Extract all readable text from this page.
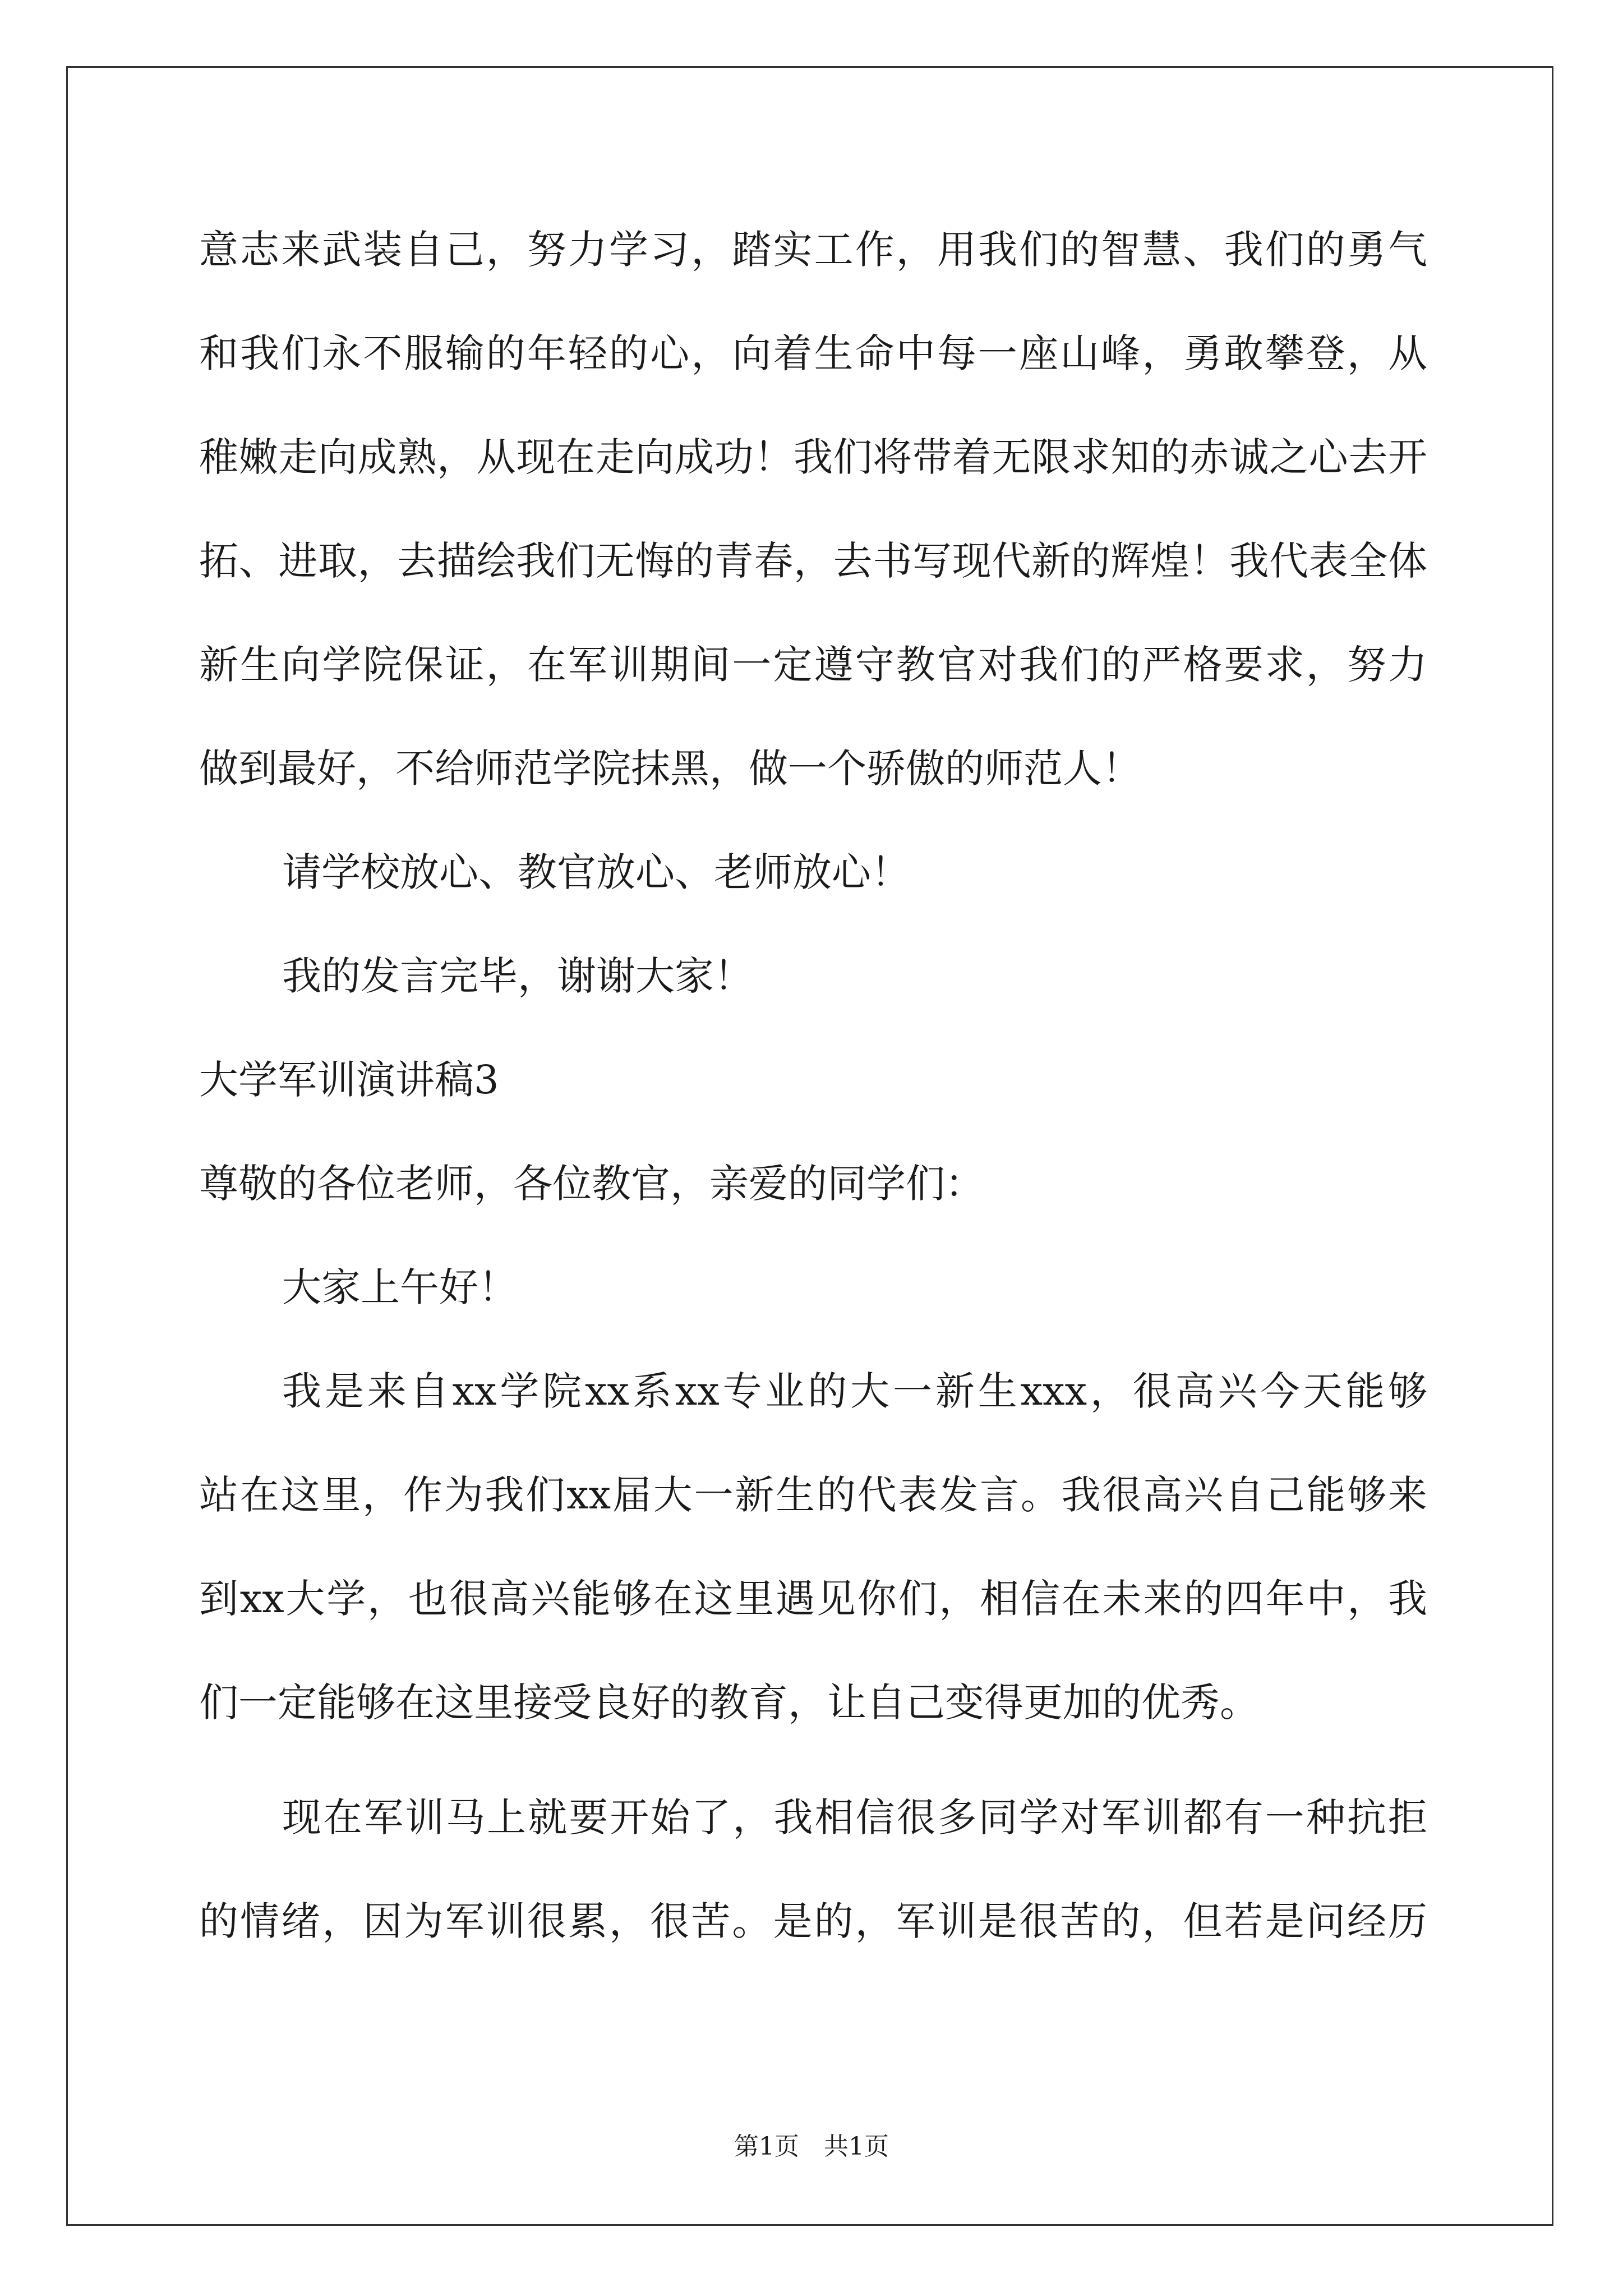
意志来武装自己，努力学习，踏实工作，用我们的智慧、我们的勇气
和我们永不服输的年轻的心，向着生命中每一座山峰，勇敢攀登，从
稚嫩走向成熟，从现在走向成功！我们将带着无限求知的赤诚之心去开
拓、进取，去描绘我们无悔的青春，去书写现代新的辉煌！我代表全体
新生向学院保证，在军训期间一定遵守教官对我们的严格要求，努力
做到最好，不给师范学院抹黑，做一个骄傲的师范人！
请学校放心、教官放心、老师放心！
我的发言完毕，谢谢大家！
大学军训演讲稿3
尊敬的各位老师，各位教官，亲爱的同学们：
大家上午好！
我是来自xx学院xx系xx专业的大一新生xxx，很高兴今天能够
站在这里，作为我们xx届大一新生的代表发言。我很高兴自己能够来
到xx大学，也很高兴能够在这里遇见你们，相信在未来的四年中，我
们一定能够在这里接受良好的教育，让自己变得更加的优秀。
现在军训马上就要开始了，我相信很多同学对军训都有一种抗拒
的情绪，因为军训很累，很苦。是的，军训是很苦的，但若是问经历
第1页　共1页
